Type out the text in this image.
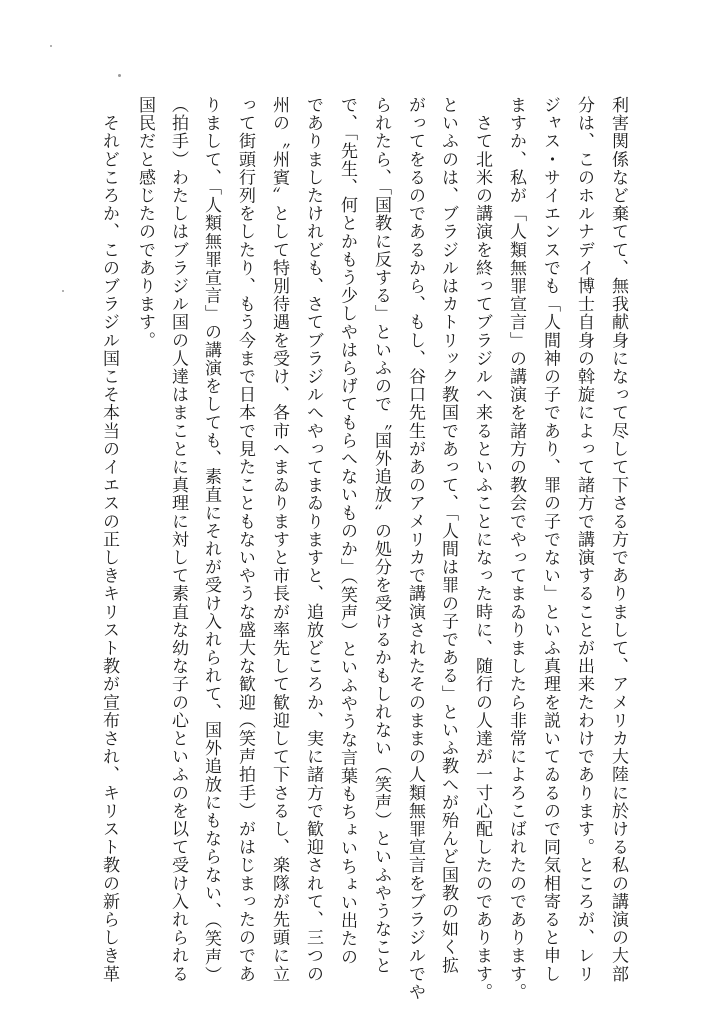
利害関係など棄てて、無我献身になって尽して下さる方でありまして、アメリカ大陸に於ける私の講演の大部
分は、このホルナデイ博士自身の斡旋によって諸方で講演することが出来たわけであります。ところが、レリ
ジャス・サイエンスでも「人間神の子であり、罪の子でない」といふ真理を説いてゐるので同気相寄ると申し
ますか、私が「人類無罪宣言」の講演を諸方の教会でやってまゐりましたら非常によろこばれたのであります。
　さて北米の講演を終ってブラジルへ来るといふことになった時に、随行の人達が一寸心配したのであります。
といふのは、ブラジルはカトリック教国であって、「人間は罪の子である」といふ教へが殆んど国教の如く拡
がってをるのであるから、もし、谷口先生があのアメリカで講演されたそのままの人類無罪宣言をブラジルでや
られたら、「国教に反する」といふので〝国外追放〟の処分を受けるかもしれない（笑声）といふやうなこと
で、「先生、何とかもう少しやはらげてもらへないものか」（笑声）といふやうな言葉もちょいちょい出たの
でありましたけれども、さてブラジルへやってまゐりますと、追放どころか、実に諸方で歓迎されて、三つの
州の〝州賓〟として特別待遇を受け、各市へまゐりますと市長が率先して歓迎して下さるし、楽隊が先頭に立
って街頭行列をしたり、もう今まで日本で見たこともないやうな盛大な歓迎（笑声拍手）がはじまったのであ
りまして、「人類無罪宣言」の講演をしても、素直にそれが受け入れられて、国外追放にもならない、（笑声）
（拍手）わたしはブラジル国の人達はまことに真理に対して素直な幼な子の心といふのを以て受け入れられる
国民だと感じたのであります。
　それどころか、このブラジル国こそ本当のイエスの正しきキリスト教が宣布され、キリスト教の新らしき革
